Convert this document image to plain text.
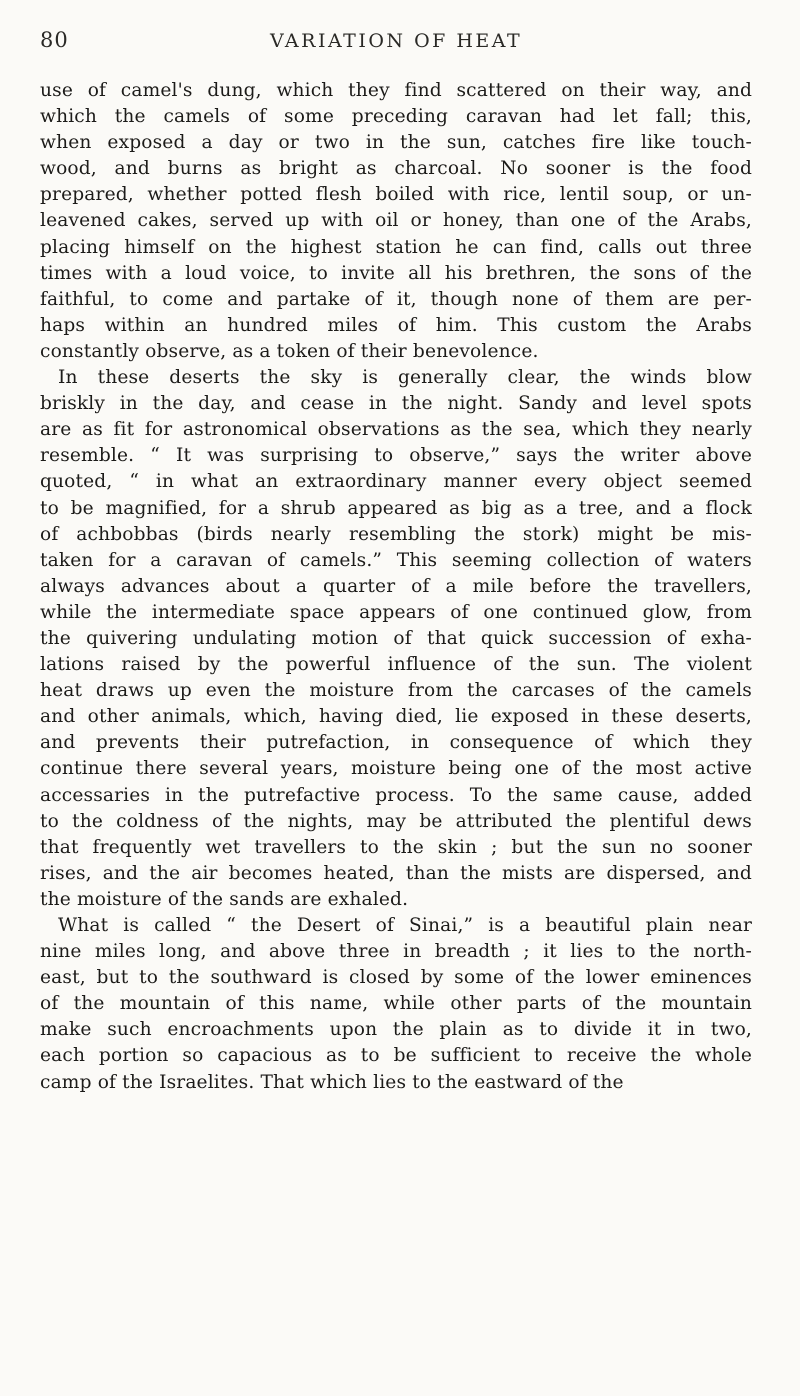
80	VARIATION OF HEAT

use of camel's dung, which they find scattered on their way, and
which the camels of some preceding caravan had let fall; this,
when exposed a day or two in the sun, catches fire like touch-
wood, and burns as bright as charcoal. No sooner is the food
prepared, whether potted flesh boiled with rice, lentil soup, or un-
leavened cakes, served up with oil or honey, than one of the Arabs,
placing himself on the highest station he can find, calls out three
times with a loud voice, to invite all his brethren, the sons of the
faithful, to come and partake of it, though none of them are per-
haps within an hundred miles of him. This custom the Arabs
constantly observe, as a token of their benevolence.

In these deserts the sky is generally clear, the winds blow
briskly in the day, and cease in the night. Sandy and level spots
are as fit for astronomical observations as the sea, which they nearly
resemble. “ It was surprising to observe,” says the writer above
quoted, “ in what an extraordinary manner every object seemed
to be magnified, for a shrub appeared as big as a tree, and a flock
of achbobbas (birds nearly resembling the stork) might be mis-
taken for a caravan of camels.” This seeming collection of waters
always advances about a quarter of a mile before the travellers,
while the intermediate space appears of one continued glow, from
the quivering undulating motion of that quick succession of exha-
lations raised by the powerful influence of the sun. The violent
heat draws up even the moisture from the carcases of the camels
and other animals, which, having died, lie exposed in these deserts,
and prevents their putrefaction, in consequence of which they
continue there several years, moisture being one of the most active
accessaries in the putrefactive process. To the same cause, added
to the coldness of the nights, may be attributed the plentiful dews
that frequently wet travellers to the skin ; but the sun no sooner
rises, and the air becomes heated, than the mists are dispersed, and
the moisture of the sands are exhaled.

What is called “ the Desert of Sinai,” is a beautiful plain near
nine miles long, and above three in breadth ; it lies to the north-
east, but to the southward is closed by some of the lower eminences
of the mountain of this name, while other parts of the mountain
make such encroachments upon the plain as to divide it in two,
each portion so capacious as to be sufficient to receive the whole
camp of the Israelites. That which lies to the eastward of the
